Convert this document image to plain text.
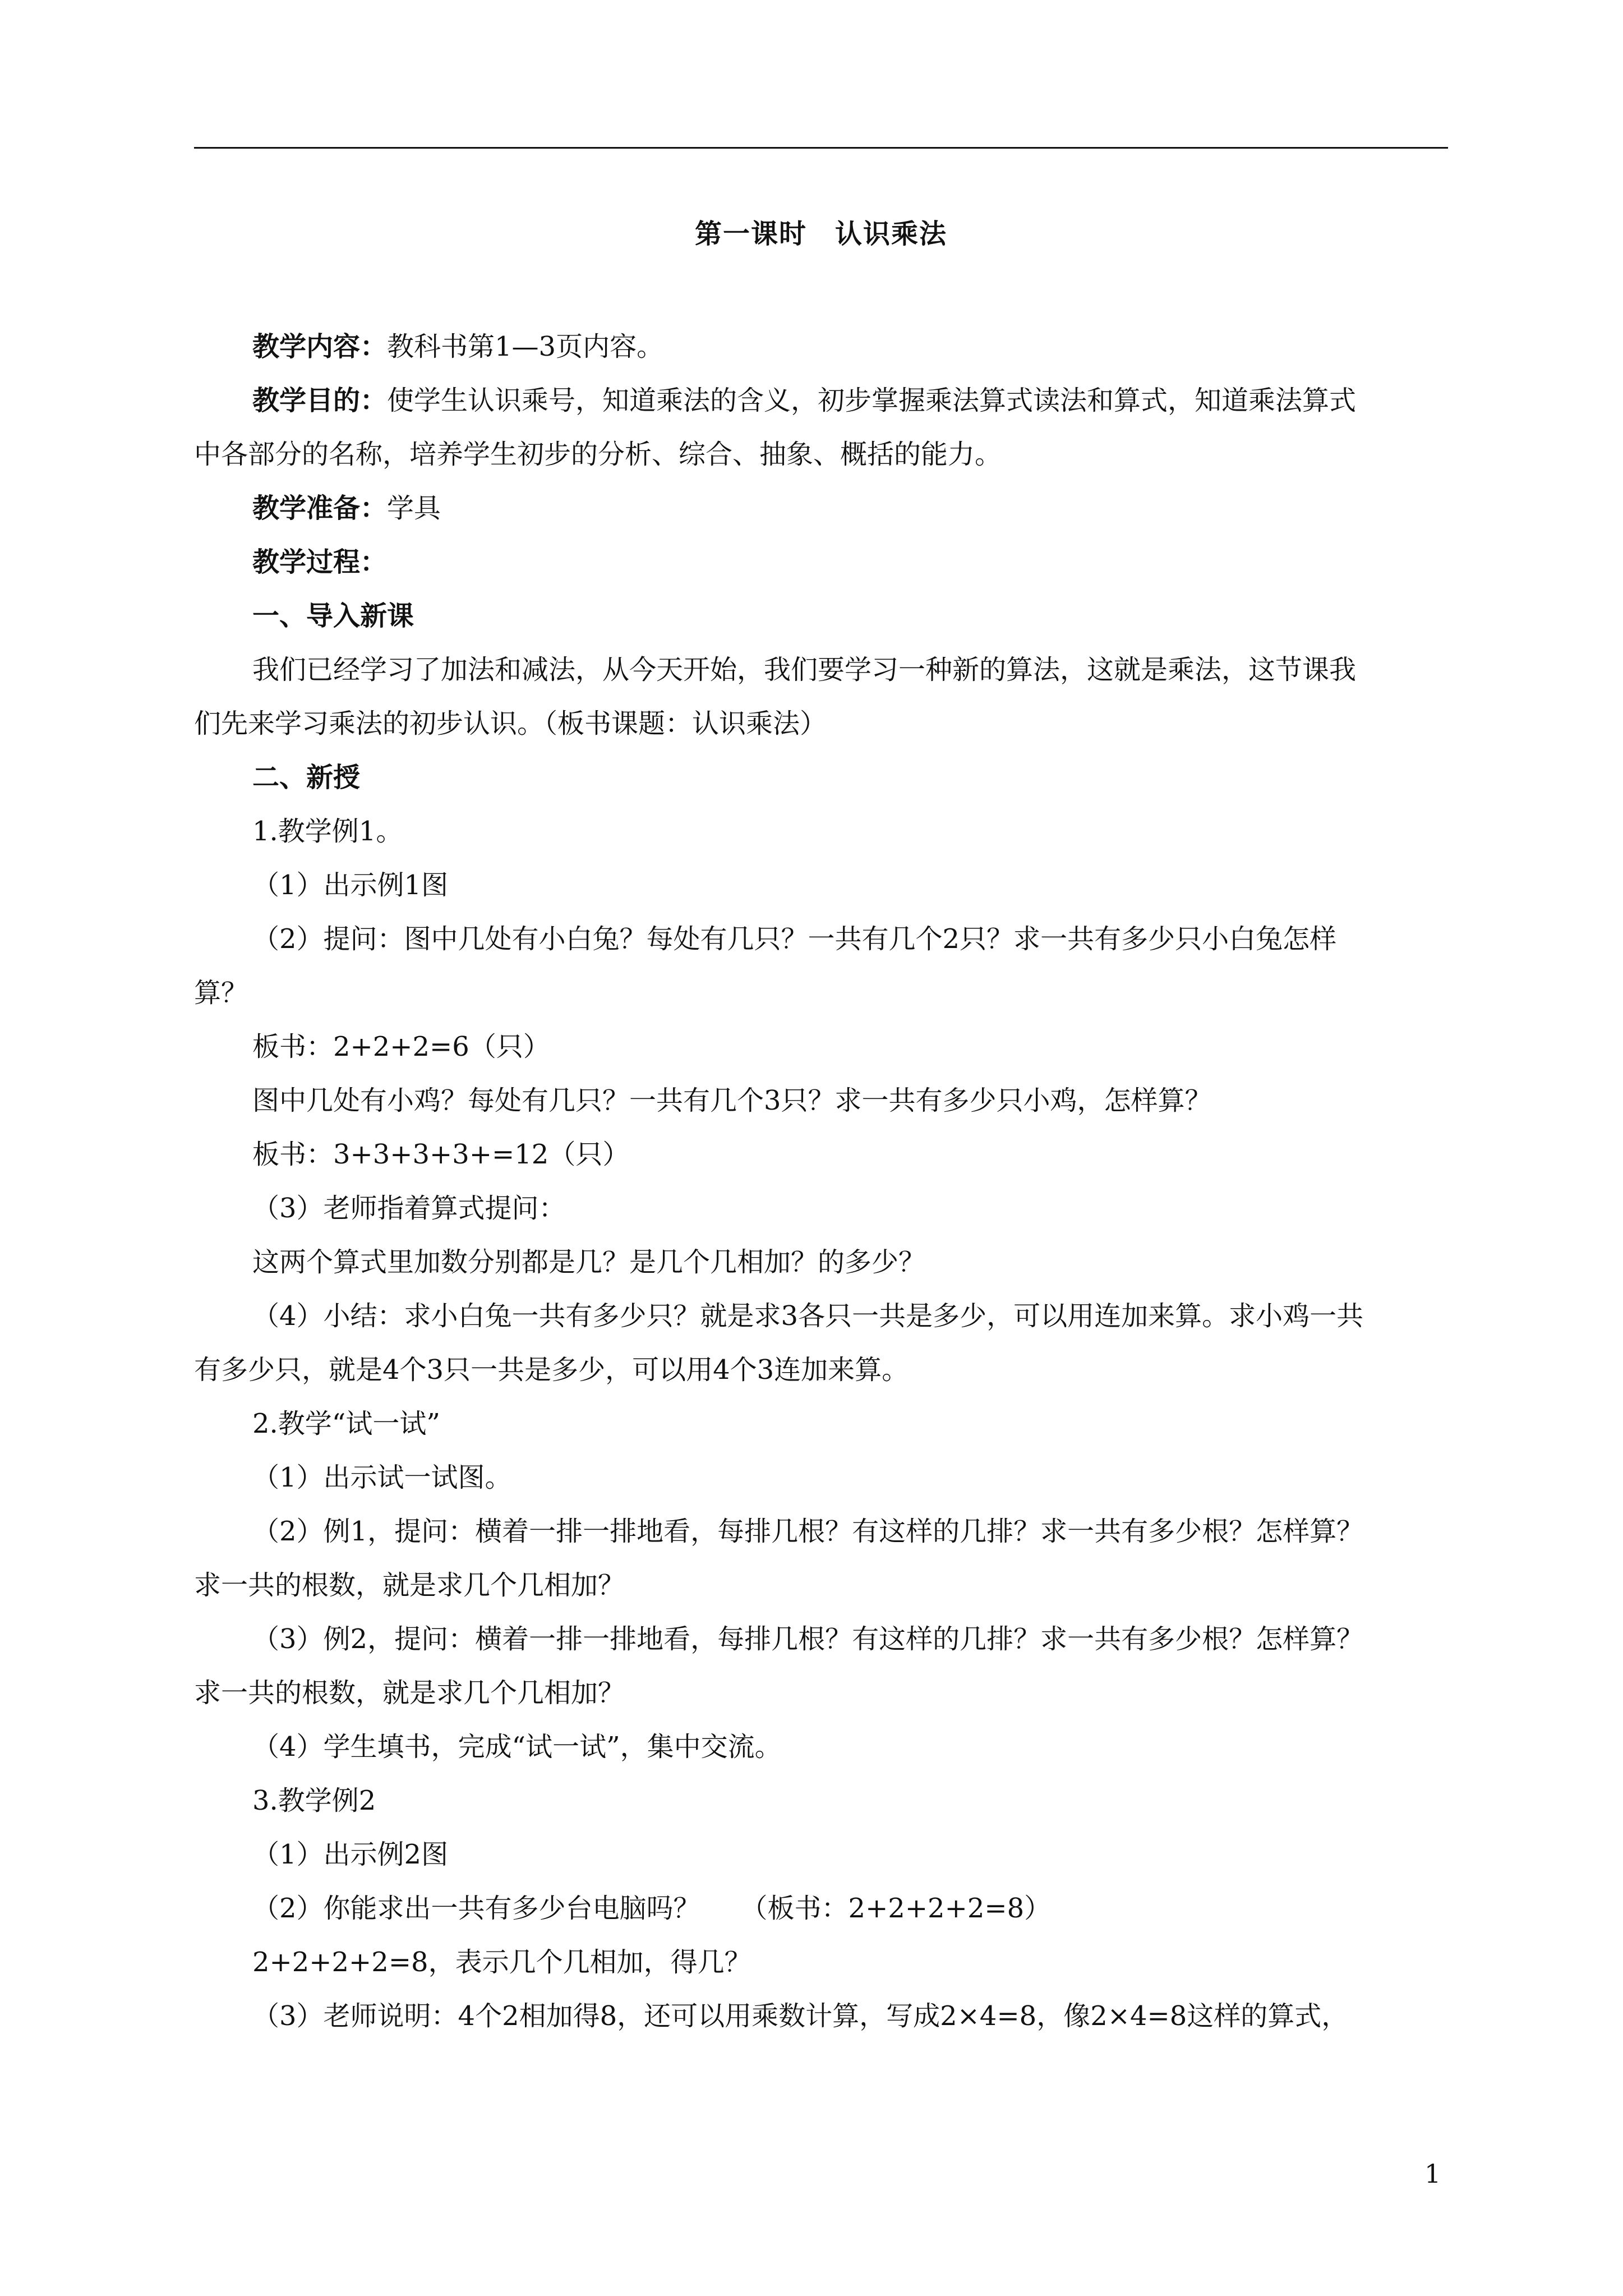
第一课时　认识乘法
教学内容：教科书第1—3页内容。
教学目的：使学生认识乘号，知道乘法的含义，初步掌握乘法算式读法和算式，知道乘法算式
中各部分的名称，培养学生初步的分析、综合、抽象、概括的能力。
教学准备：学具
教学过程：
一、导入新课
我们已经学习了加法和减法，从今天开始，我们要学习一种新的算法，这就是乘法，这节课我
们先来学习乘法的初步认识。（板书课题：认识乘法）
二、新授
1.教学例1。
（1）出示例1图
（2）提问：图中几处有小白兔？每处有几只？一共有几个2只？求一共有多少只小白兔怎样
算？
板书：2+2+2=6（只）
图中几处有小鸡？每处有几只？一共有几个3只？求一共有多少只小鸡，怎样算？
板书：3+3+3+3+=12（只）
（3）老师指着算式提问：
这两个算式里加数分别都是几？是几个几相加？的多少？
（4）小结：求小白兔一共有多少只？就是求3各只一共是多少，可以用连加来算。求小鸡一共
有多少只，就是4个3只一共是多少，可以用4个3连加来算。
2.教学“试一试”
（1）出示试一试图。
（2）例1，提问：横着一排一排地看，每排几根？有这样的几排？求一共有多少根？怎样算？
求一共的根数，就是求几个几相加？
（3）例2，提问：横着一排一排地看，每排几根？有这样的几排？求一共有多少根？怎样算？
求一共的根数，就是求几个几相加？
（4）学生填书，完成“试一试”，集中交流。
3.教学例2
（1）出示例2图
（2）你能求出一共有多少台电脑吗？　　（板书：2+2+2+2=8）
2+2+2+2=8，表示几个几相加，得几？
（3）老师说明：4个2相加得8，还可以用乘数计算，写成2×4=8，像2×4=8这样的算式，
1
